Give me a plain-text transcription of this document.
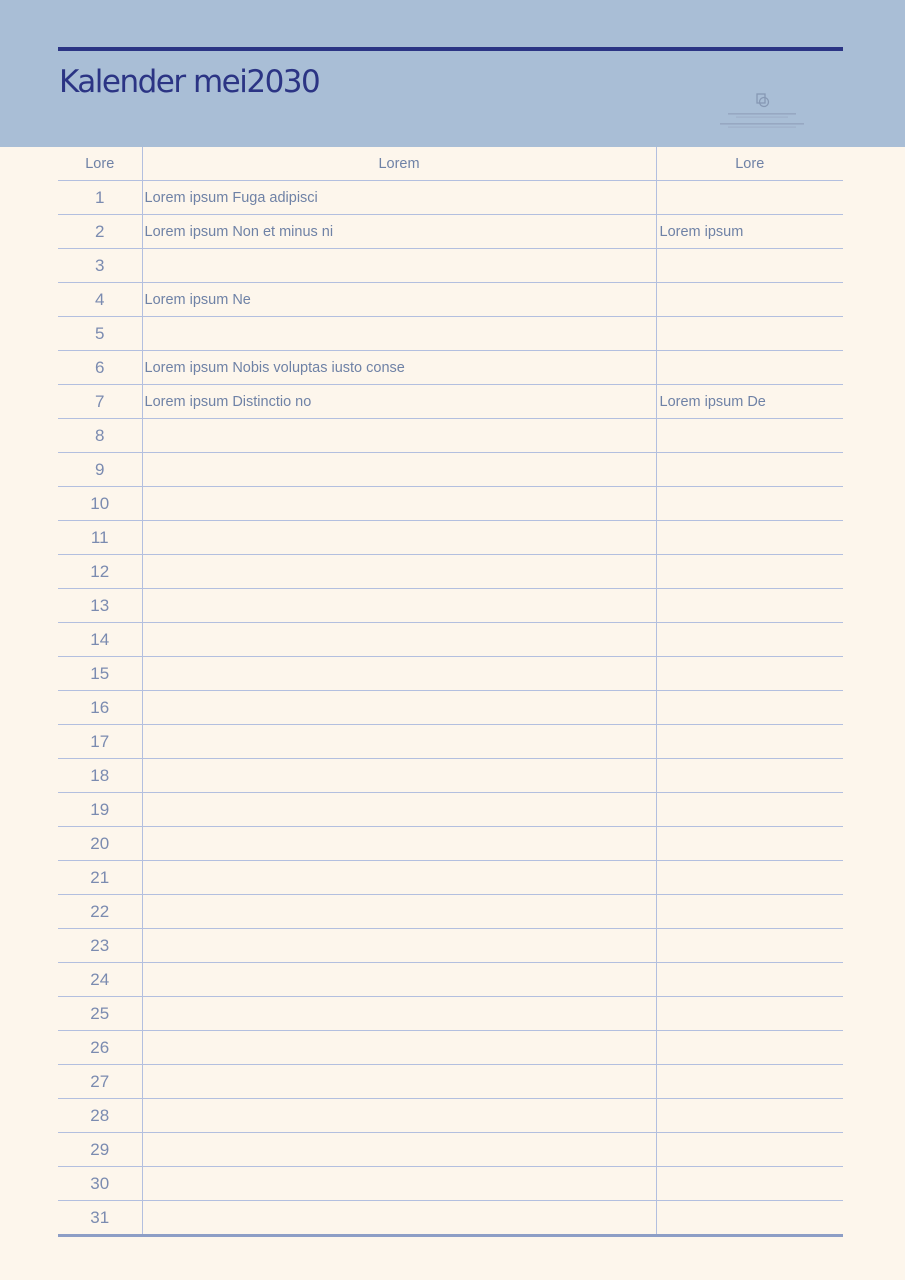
Kalender mei2030
Lore	Lorem	Lore
1	Lorem ipsum Fuga adipisci	
2	Lorem ipsum Non et minus ni	Lorem ipsum
3		
4	Lorem ipsum Ne	
5		
6	Lorem ipsum Nobis voluptas iusto conse	
7	Lorem ipsum Distinctio no	Lorem ipsum De
8		
9		
10		
11		
12		
13		
14		
15		
16		
17		
18		
19		
20		
21		
22		
23		
24		
25		
26		
27		
28		
29		
30		
31		
